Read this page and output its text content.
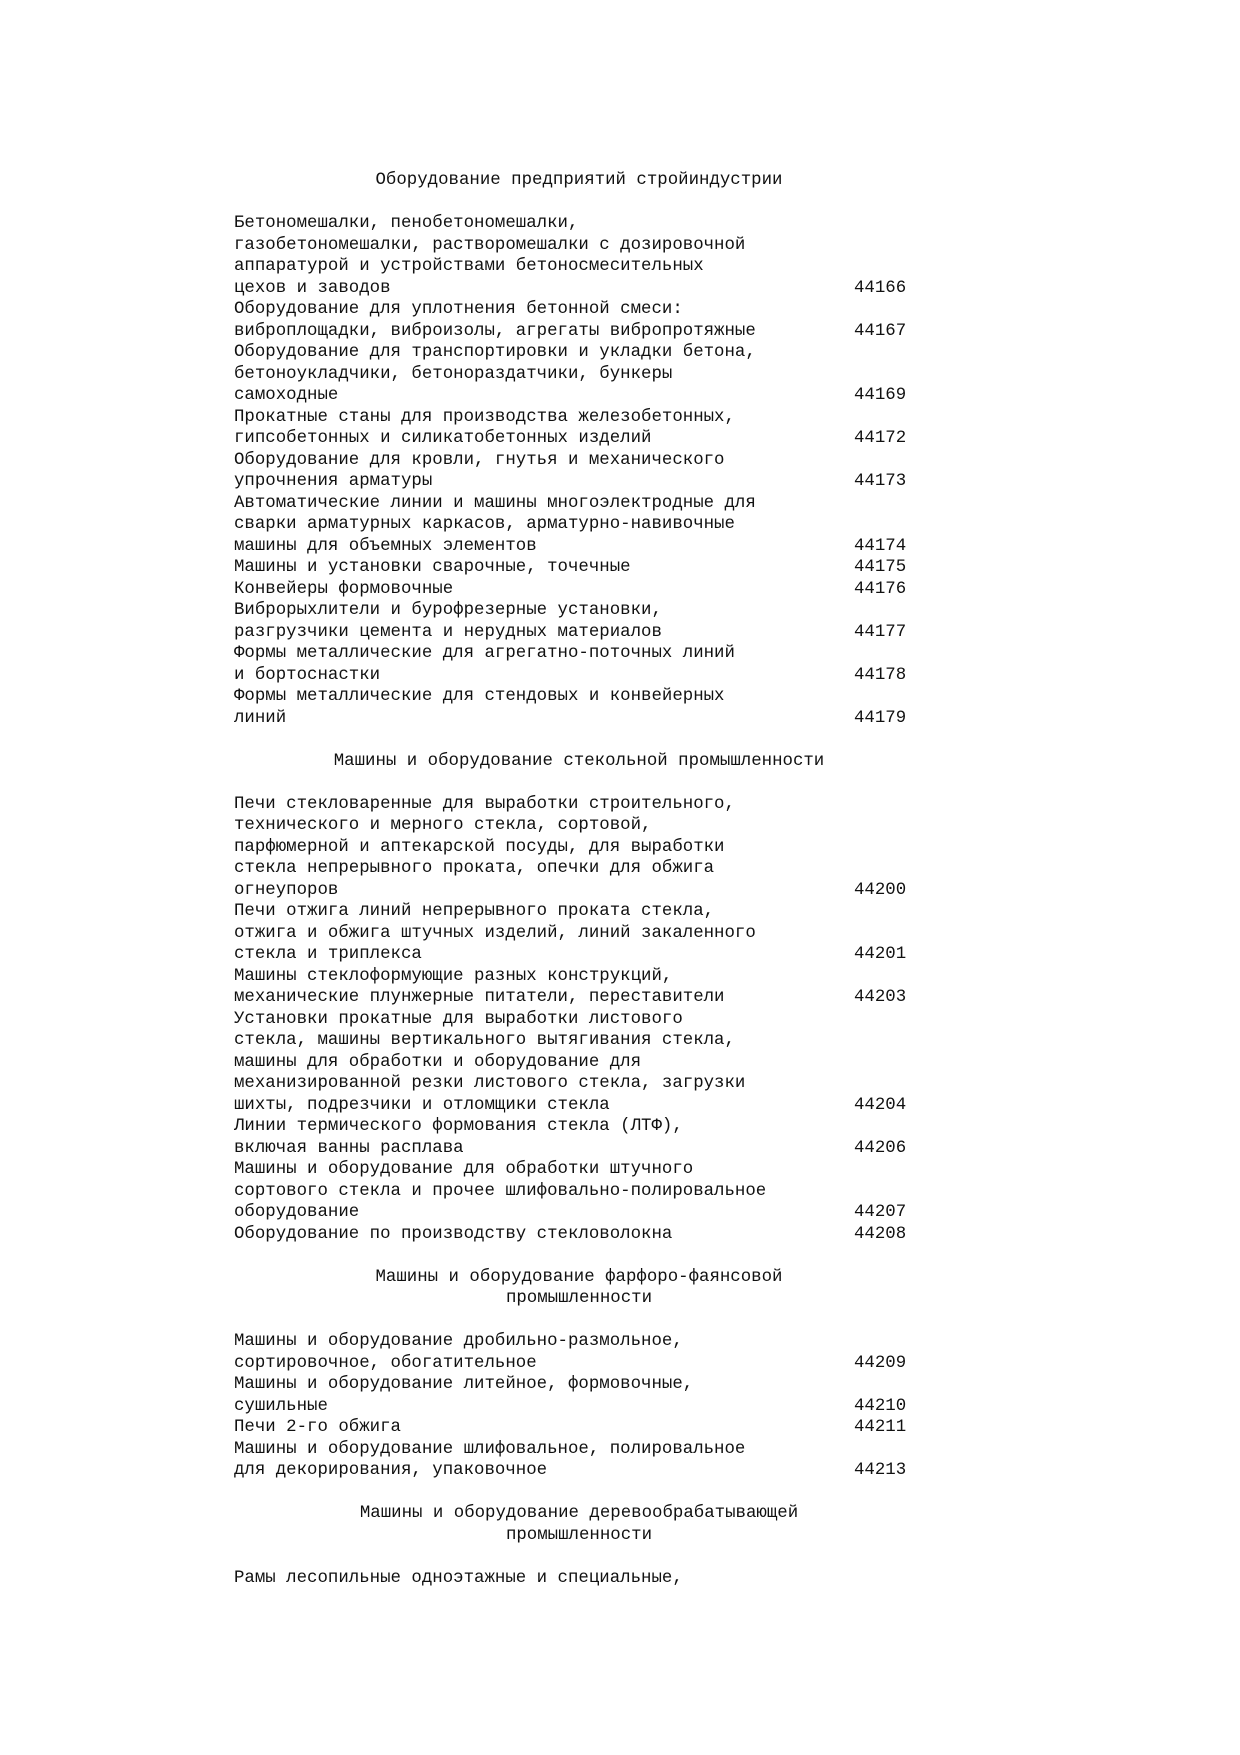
Оборудование предприятий стройиндустрии
Бетономешалки, пенобетономешалки,
газобетономешалки, растворомешалки с дозировочной
аппаратурой и устройствами бетоносмесительных
цехов и заводов	44166
Оборудование для уплотнения бетонной смеси:
виброплощадки, виброизолы, агрегаты вибропротяжные	44167
Оборудование для транспортировки и укладки бетона,
бетоноукладчики, бетонораздатчики, бункеры
самоходные	44169
Прокатные станы для производства железобетонных,
гипсобетонных и силикатобетонных изделий	44172
Оборудование для кровли, гнутья и механического
упрочнения арматуры	44173
Автоматические линии и машины многоэлектродные для
сварки арматурных каркасов, арматурно-навивочные
машины для объемных элементов	44174
Машины и установки сварочные, точечные	44175
Конвейеры формовочные	44176
Виброрыхлители и бурофрезерные установки,
разгрузчики цемента и нерудных материалов	44177
Формы металлические для агрегатно-поточных линий
и бортоснастки	44178
Формы металлические для стендовых и конвейерных
линий	44179
Машины и оборудование стекольной промышленности
Печи стекловаренные для выработки строительного,
технического и мерного стекла, сортовой,
парфюмерной и аптекарской посуды, для выработки
стекла непрерывного проката, опечки для обжига
огнеупоров	44200
Печи отжига линий непрерывного проката стекла,
отжига и обжига штучных изделий, линий закаленного
стекла и триплекса	44201
Машины стеклоформующие разных конструкций,
механические плунжерные питатели, переставители	44203
Установки прокатные для выработки листового
стекла, машины вертикального вытягивания стекла,
машины для обработки и оборудование для
механизированной резки листового стекла, загрузки
шихты, подрезчики и отломщики стекла	44204
Линии термического формования стекла (ЛТФ),
включая ванны расплава	44206
Машины и оборудование для обработки штучного
сортового стекла и прочее шлифовально-полировальное
оборудование	44207
Оборудование по производству стекловолокна	44208
Машины и оборудование фарфоро-фаянсовой
промышленности
Машины и оборудование дробильно-размольное,
сортировочное, обогатительное	44209
Машины и оборудование литейное, формовочные,
сушильные	44210
Печи 2-го обжига	44211
Машины и оборудование шлифовальное, полировальное
для декорирования, упаковочное	44213
Машины и оборудование деревообрабатывающей
промышленности
Рамы лесопильные одноэтажные и специальные,
